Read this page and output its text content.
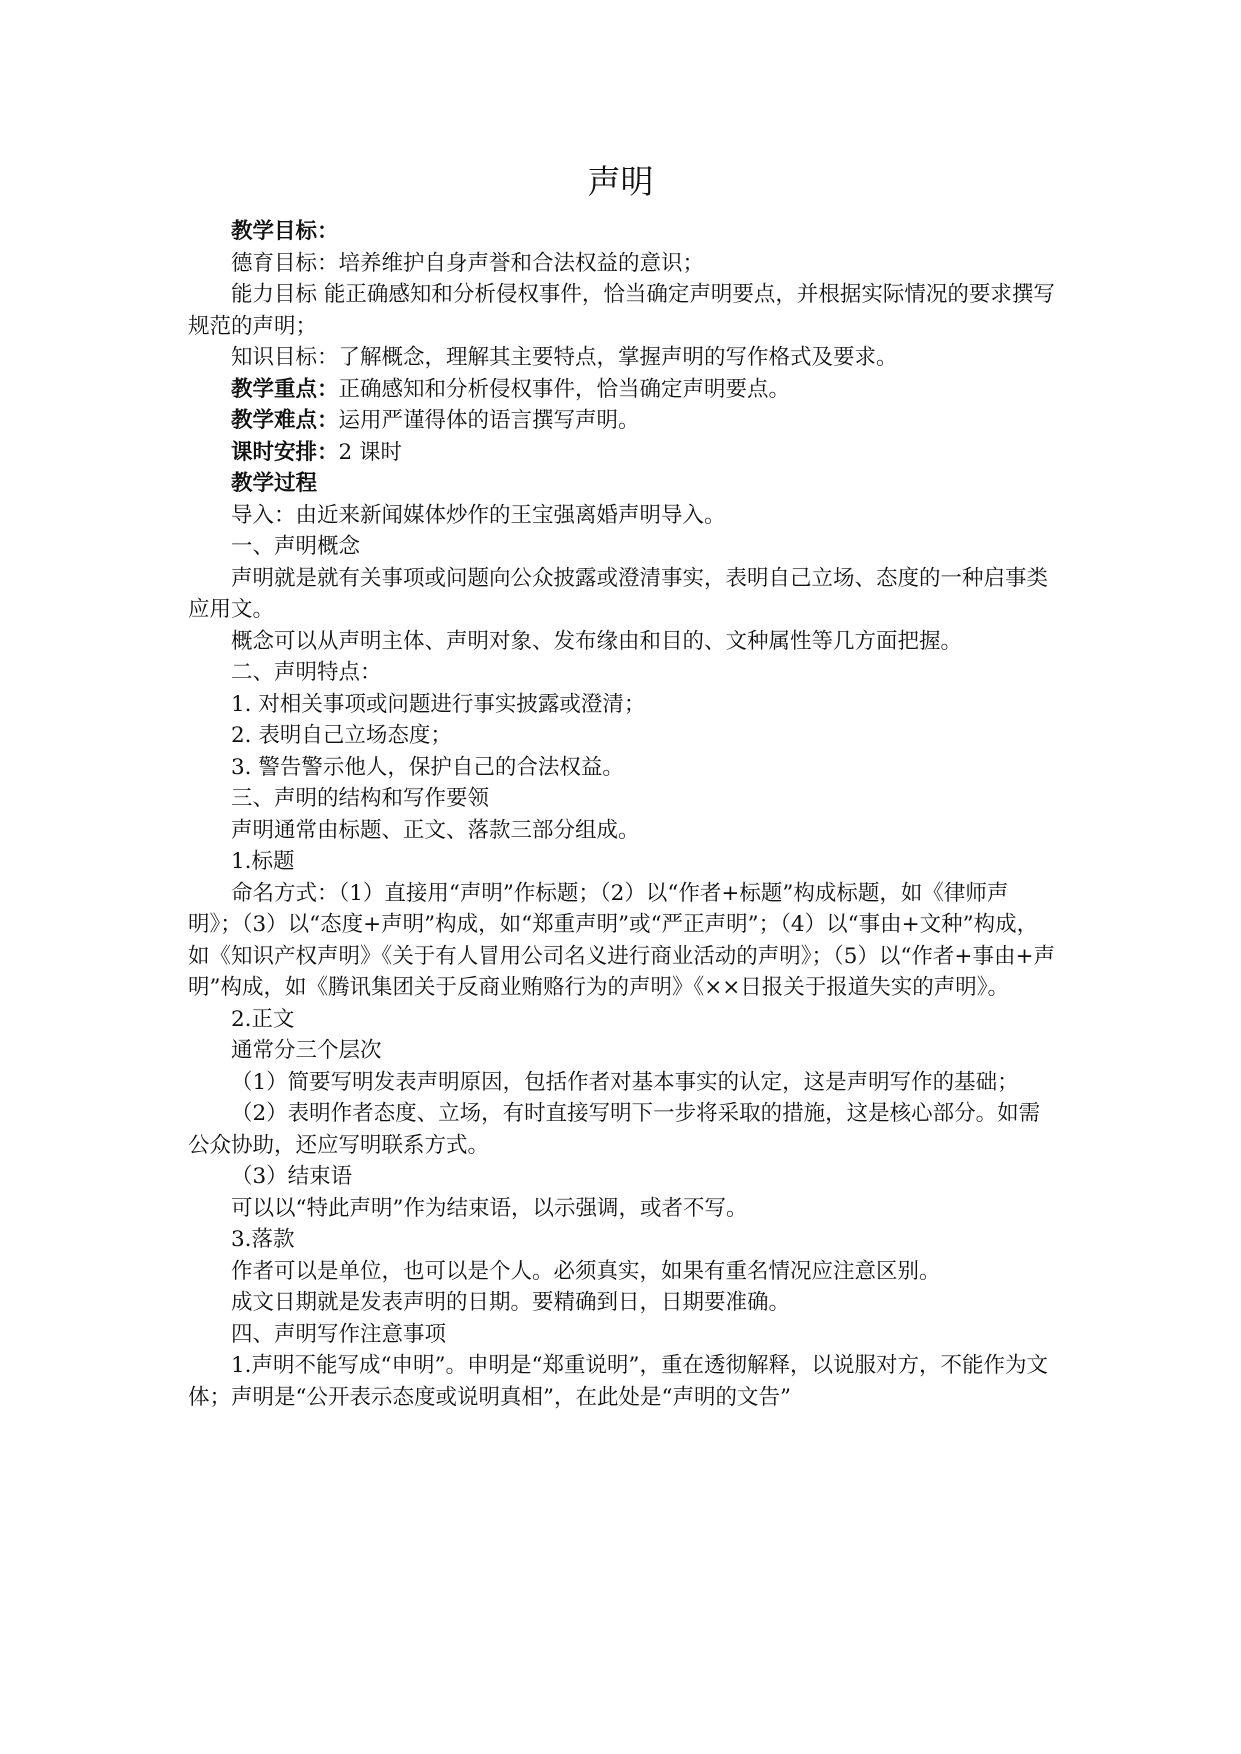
声明

教学目标：

德育目标：培养维护自身声誉和合法权益的意识；

能力目标 能正确感知和分析侵权事件，恰当确定声明要点，并根据实际情况的要求撰写规范的声明；

知识目标：了解概念，理解其主要特点，掌握声明的写作格式及要求。

教学重点：正确感知和分析侵权事件，恰当确定声明要点。

教学难点：运用严谨得体的语言撰写声明。

课时安排：2 课时

教学过程

导入：由近来新闻媒体炒作的王宝强离婚声明导入。

一、声明概念

声明就是就有关事项或问题向公众披露或澄清事实，表明自己立场、态度的一种启事类应用文。

概念可以从声明主体、声明对象、发布缘由和目的、文种属性等几方面把握。

二、声明特点：

1. 对相关事项或问题进行事实披露或澄清；

2. 表明自己立场态度；

3. 警告警示他人，保护自己的合法权益。

三、声明的结构和写作要领

声明通常由标题、正文、落款三部分组成。

1.标题

命名方式：（1）直接用“声明”作标题；（2）以“作者+标题”构成标题，如《律师声明》；（3）以“态度+声明”构成，如“郑重声明”或“严正声明”；（4）以“事由+文种”构成，如《知识产权声明》《关于有人冒用公司名义进行商业活动的声明》；（5）以“作者+事由+声明”构成，如《腾讯集团关于反商业贿赂行为的声明》《××日报关于报道失实的声明》。

2.正文

通常分三个层次

（1）简要写明发表声明原因，包括作者对基本事实的认定，这是声明写作的基础；

（2）表明作者态度、立场，有时直接写明下一步将采取的措施，这是核心部分。如需公众协助，还应写明联系方式。

（3）结束语

可以以“特此声明”作为结束语，以示强调，或者不写。

3.落款

作者可以是单位，也可以是个人。必须真实，如果有重名情况应注意区别。

成文日期就是发表声明的日期。要精确到日，日期要准确。

四、声明写作注意事项

1.声明不能写成“申明”。申明是“郑重说明”，重在透彻解释，以说服对方，不能作为文体；声明是“公开表示态度或说明真相”，在此处是“声明的文告”
